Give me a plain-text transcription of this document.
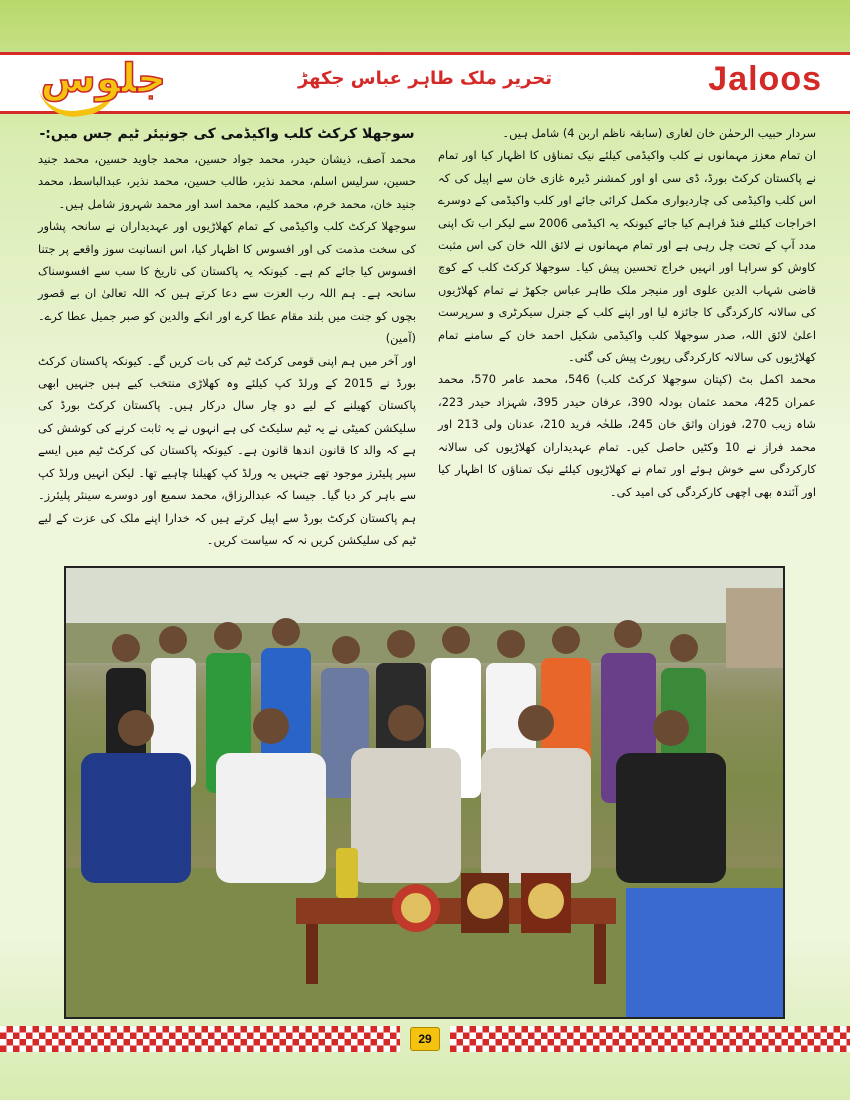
جلوس	تحریر ملک طاہر عباس جکھڑ	Jaloos

سردار حبیب الرحمٰن خان لغاری (سابقہ ناظم اربن 4) شامل ہیں۔

ان تمام معزز مہمانوں نے کلب واکیڈمی کیلئے نیک تمناؤں کا اظہار کیا اور تمام نے پاکستان کرکٹ بورڈ، ڈی سی او اور کمشنر ڈیرہ غازی خان سے اپیل کی کہ اس کلب واکیڈمی کی چاردیواری مکمل کرائی جائے اور کلب واکیڈمی کے دوسرے اخراجات کیلئے فنڈ فراہم کیا جائے کیونکہ یہ اکیڈمی 2006 سے لیکر اب تک اپنی مدد آپ کے تحت چل رہی ہے اور تمام مہمانوں نے لائق اللہ خان کی اس مثبت کاوش کو سراہا اور انہیں خراج تحسین پیش کیا۔ سوجھلا کرکٹ کلب کے کوچ قاضی شہاب الدین علوی اور منیجر ملک طاہر عباس جکھڑ نے تمام کھلاڑیوں کی سالانہ کارکردگی کا جائزہ لیا اور اپنے کلب کے جنرل سیکرٹری و سرپرست اعلیٰ لائق اللہ، صدر سوجھلا کلب واکیڈمی شکیل احمد خان کے سامنے تمام کھلاڑیوں کی سالانہ کارکردگی رپورٹ پیش کی گئی۔

محمد اکمل بٹ (کپتان سوجھلا کرکٹ کلب) 546، محمد عامر 570، محمد عمران 425، محمد عثمان بودلہ 390، عرفان حیدر 395، شہزاد حیدر 223، شاہ زیب 270، فوزان واثق خان 245، طلحٰہ فرید 210، عدنان ولی 213 اور محمد فراز نے 10 وکٹیں حاصل کیں۔ تمام عہدیداران کھلاڑیوں کی سالانہ کارکردگی سے خوش ہوئے اور تمام نے کھلاڑیوں کیلئے نیک تمناؤں کا اظہار کیا اور آئندہ بھی اچھی کارکردگی کی امید کی۔

سوجھلا کرکٹ کلب واکیڈمی کی جونیئر ٹیم جس میں:-

محمد آصف، ذیشان حیدر، محمد جواد حسین، محمد جاوید حسین، محمد جنید حسین، سرلیس اسلم، محمد نذیر، طالب حسین، محمد نذیر، عبدالباسط، محمد جنید خان، محمد خرم، محمد کلیم، محمد اسد اور محمد شہروز شامل ہیں۔

سوجھلا کرکٹ کلب واکیڈمی کے تمام کھلاڑیوں اور عہدیداران نے سانحہ پشاور کی سخت مذمت کی اور افسوس کا اظہار کیا، اس انسانیت سوز واقعے پر جتنا افسوس کیا جائے کم ہے۔ کیونکہ یہ پاکستان کی تاریخ کا سب سے افسوسناک سانحہ ہے۔ ہم اللہ رب العزت سے دعا کرتے ہیں کہ اللہ تعالیٰ ان بے قصور بچوں کو جنت میں بلند مقام عطا کرے اور انکے والدین کو صبر جمیل عطا کرے۔ (آمین)

اور آخر میں ہم اپنی قومی کرکٹ ٹیم کی بات کریں گے۔ کیونکہ پاکستان کرکٹ بورڈ نے 2015 کے ورلڈ کپ کیلئے وہ کھلاڑی منتخب کیے ہیں جنہیں ابھی پاکستان کھیلنے کے لیے دو چار سال درکار ہیں۔ پاکستان کرکٹ بورڈ کی سلیکشن کمیٹی نے یہ ٹیم سلیکٹ کی ہے انہوں نے یہ ثابت کرنے کی کوشش کی ہے کہ والد کا قانون اندھا قانون ہے۔ کیونکہ پاکستان کی کرکٹ ٹیم میں ایسے سپر پلیئرز موجود تھے جنہیں یہ ورلڈ کپ کھیلنا چاہیے تھا۔ لیکن انہیں ورلڈ کپ سے باہر کر دیا گیا۔ جیسا کہ عبدالرزاق، محمد سمیع اور دوسرے سینئر پلیئرز۔ ہم پاکستان کرکٹ بورڈ سے اپیل کرتے ہیں کہ خدارا اپنے ملک کی عزت کے لیے ٹیم کی سلیکشن کریں نہ کہ سیاست کریں۔

29
